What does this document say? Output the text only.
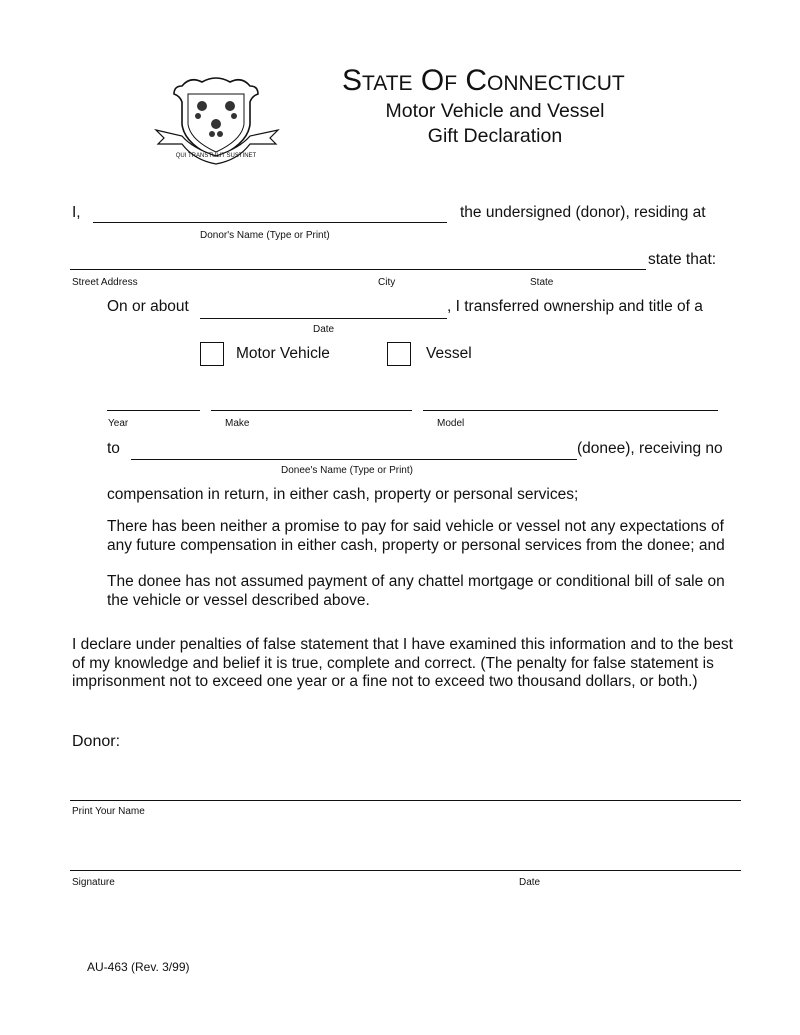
QUI TRANSTULIT SUSTINET
State Of Connecticut
Motor Vehicle and Vessel
Gift Declaration
I,	the undersigned (donor), residing at
Donor's Name (Type or Print)
state that:
Street Address	City	State
On or about	, I transferred ownership and title of a
Date
Motor Vehicle	Vessel
Year	Make	Model
to	(donee), receiving no
Donee's Name (Type or Print)
compensation in return, in either cash, property or personal services;
There has been neither a promise to pay for said vehicle or vessel not any expectations of any future compensation in either cash, property or personal services from the donee; and
The donee has not assumed payment of any chattel mortgage or conditional bill of sale on the vehicle or vessel described above.
I declare under penalties of false statement that I have examined this information and to the best of my knowledge and belief it is true, complete and correct. (The penalty for false statement is imprisonment not to exceed one year or a fine not to exceed two thousand dollars, or both.)
Donor:
Print Your Name
Signature	Date
AU-463 (Rev. 3/99)
